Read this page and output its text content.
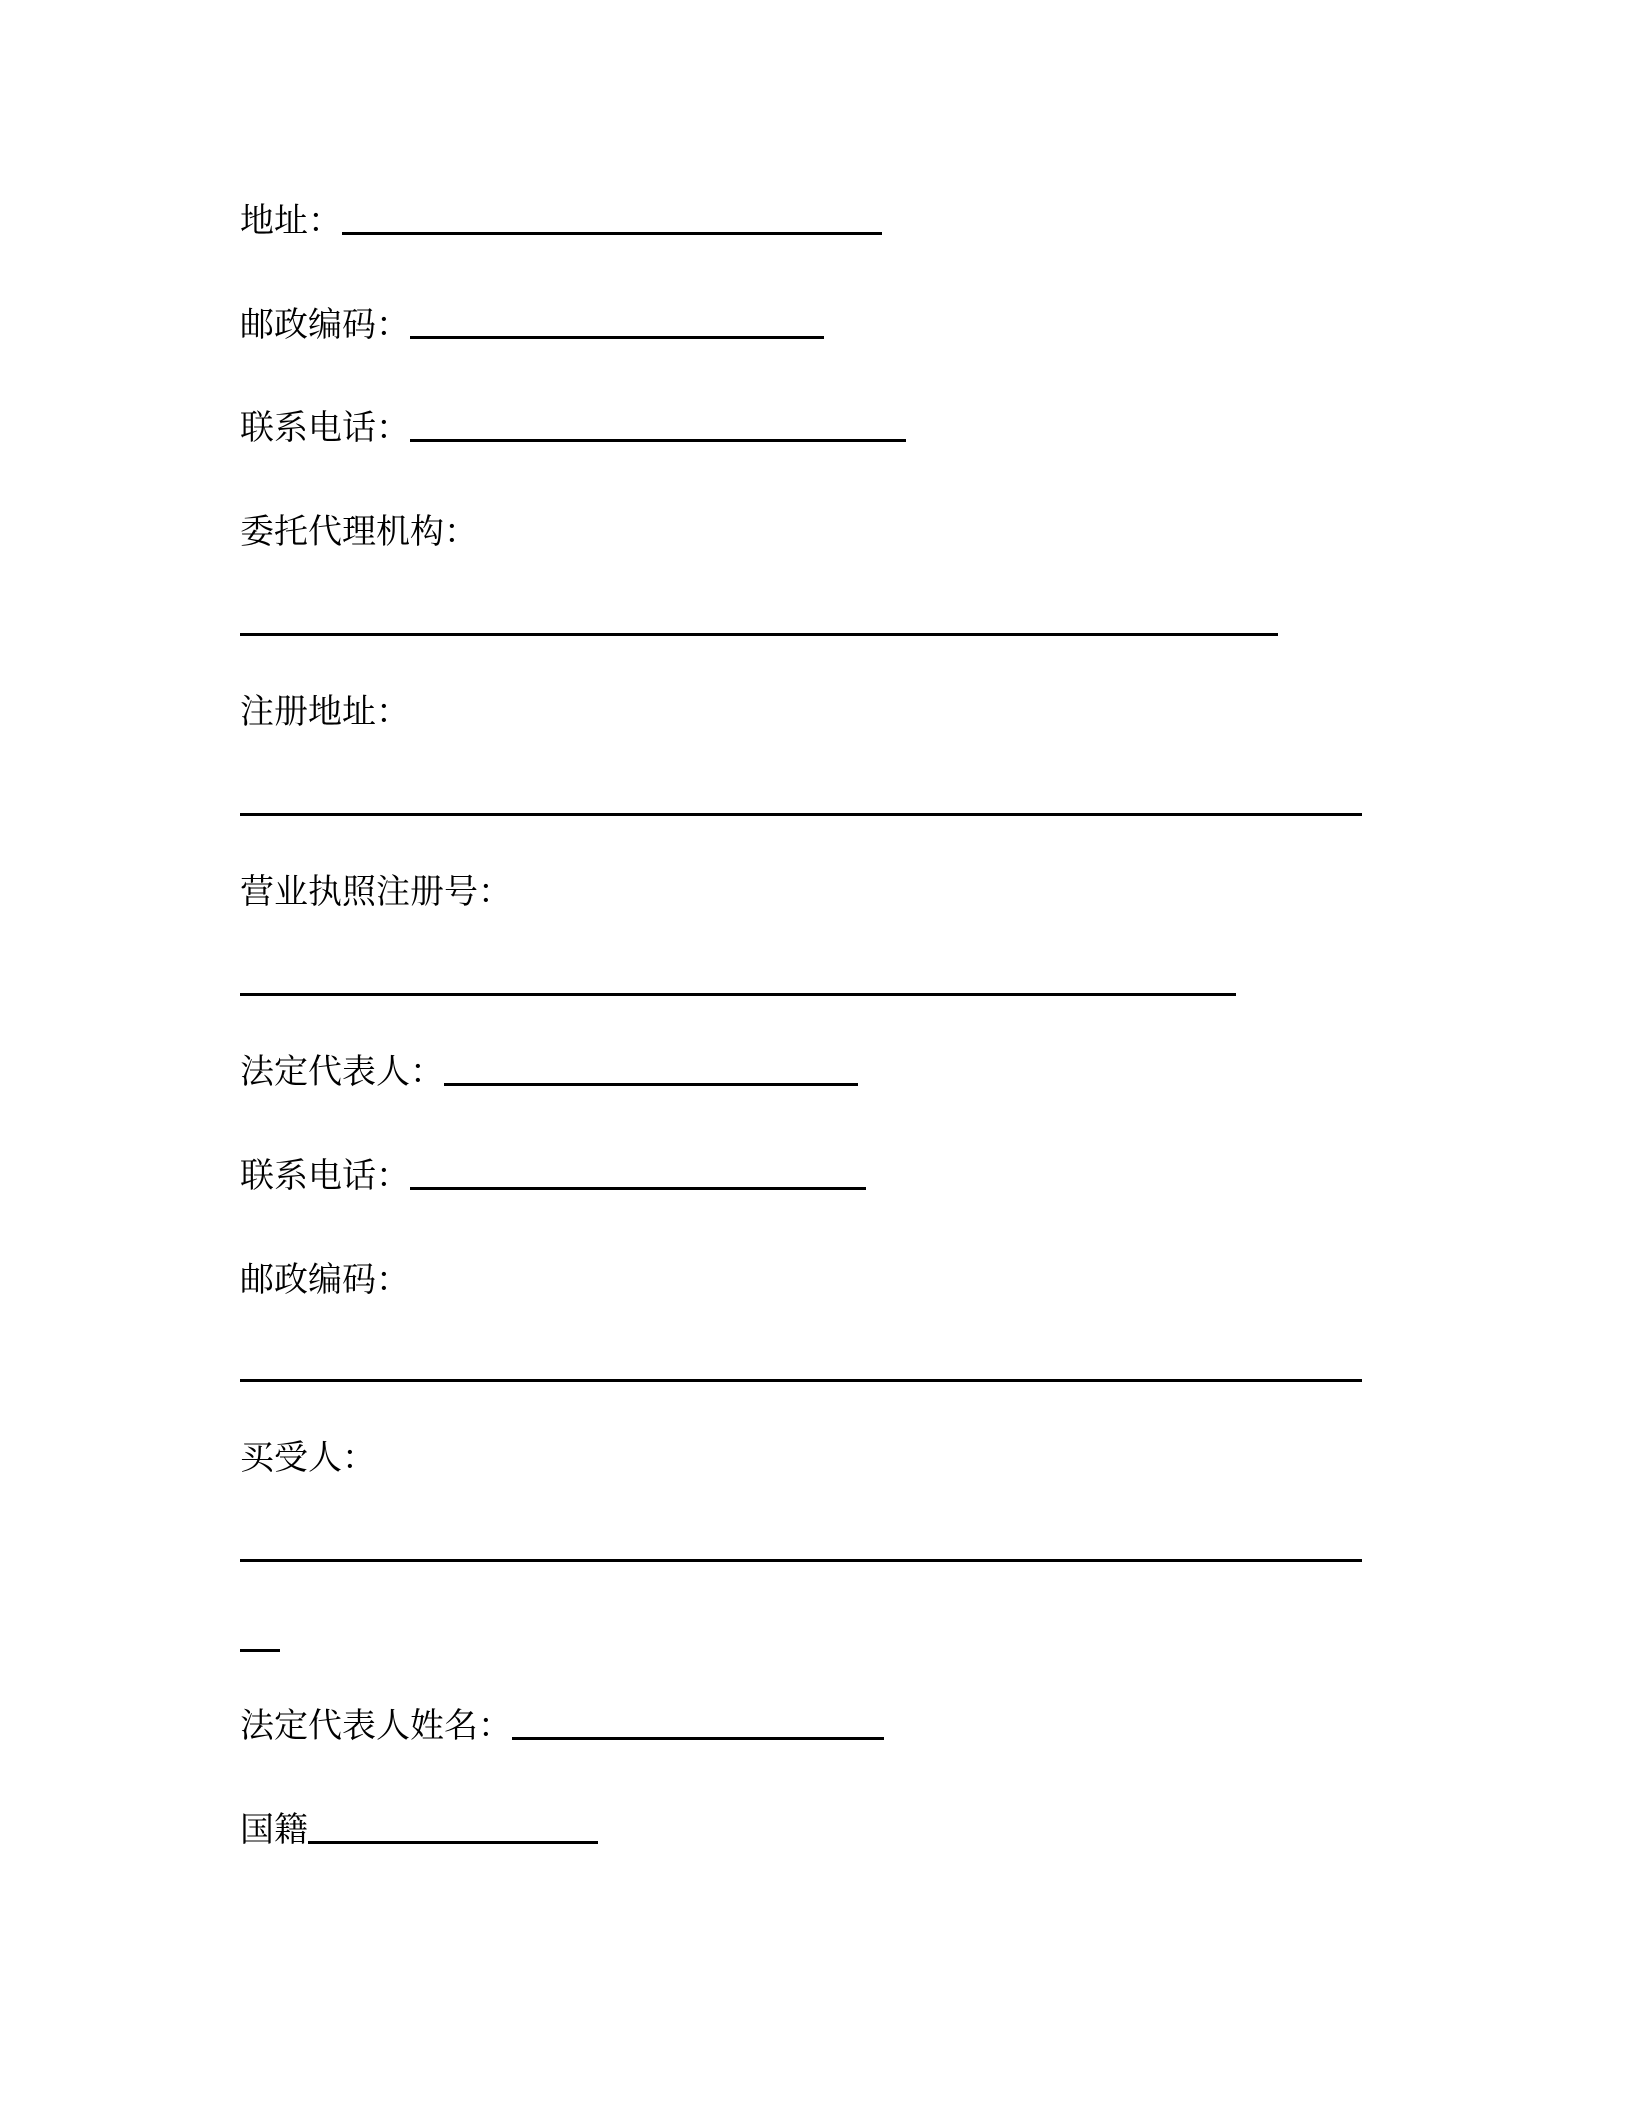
地址：
邮政编码：
联系电话：
委托代理机构：
注册地址：
营业执照注册号：
法定代表人：
联系电话：
邮政编码：
买受人：
法定代表人姓名：
国籍
